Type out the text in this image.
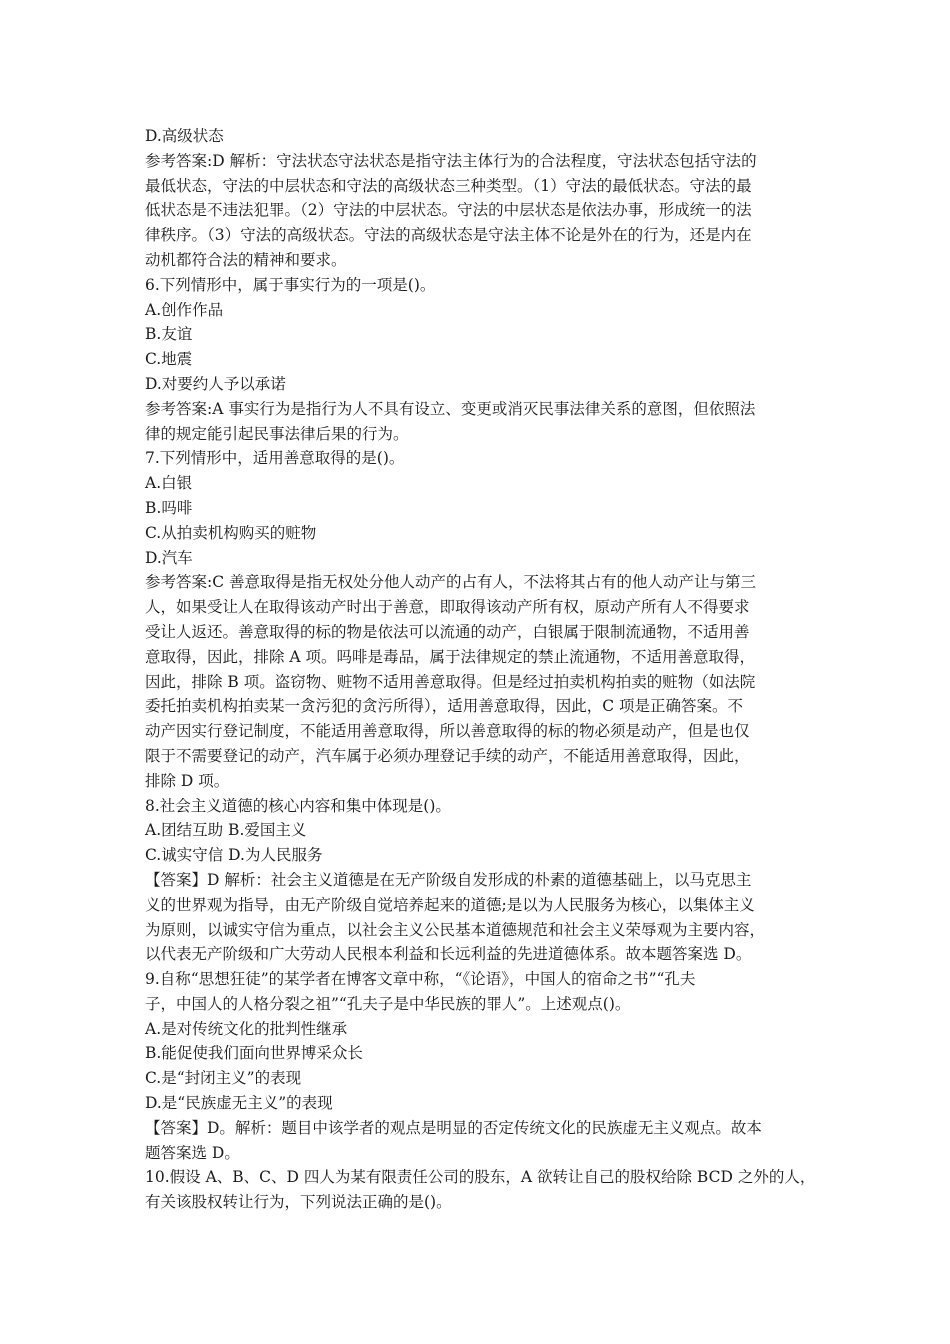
D.高级状态
参考答案:D 解析：守法状态守法状态是指守法主体行为的合法程度，守法状态包括守法的
最低状态，守法的中层状态和守法的高级状态三种类型。（1）守法的最低状态。守法的最
低状态是不违法犯罪。（2）守法的中层状态。守法的中层状态是依法办事，形成统一的法
律秩序。（3）守法的高级状态。守法的高级状态是守法主体不论是外在的行为，还是内在
动机都符合法的精神和要求。
6.下列情形中，属于事实行为的一项是()。
A.创作作品
B.友谊
C.地震
D.对要约人予以承诺
参考答案:A 事实行为是指行为人不具有设立、变更或消灭民事法律关系的意图，但依照法
律的规定能引起民事法律后果的行为。
7.下列情形中，适用善意取得的是()。
A.白银
B.吗啡
C.从拍卖机构购买的赃物
D.汽车
参考答案:C 善意取得是指无权处分他人动产的占有人，不法将其占有的他人动产让与第三
人，如果受让人在取得该动产时出于善意，即取得该动产所有权，原动产所有人不得要求
受让人返还。善意取得的标的物是依法可以流通的动产，白银属于限制流通物，不适用善
意取得，因此，排除 A 项。吗啡是毒品，属于法律规定的禁止流通物，不适用善意取得，
因此，排除 B 项。盗窃物、赃物不适用善意取得。但是经过拍卖机构拍卖的赃物（如法院
委托拍卖机构拍卖某一贪污犯的贪污所得），适用善意取得，因此，C 项是正确答案。不
动产因实行登记制度，不能适用善意取得，所以善意取得的标的物必须是动产，但是也仅
限于不需要登记的动产，汽车属于必须办理登记手续的动产，不能适用善意取得，因此，
排除 D 项。
8.社会主义道德的核心内容和集中体现是()。
A.团结互助 B.爱国主义
C.诚实守信 D.为人民服务
【答案】D 解析：社会主义道德是在无产阶级自发形成的朴素的道德基础上，以马克思主
义的世界观为指导，由无产阶级自觉培养起来的道德;是以为人民服务为核心，以集体主义
为原则，以诚实守信为重点，以社会主义公民基本道德规范和社会主义荣辱观为主要内容，
以代表无产阶级和广大劳动人民根本利益和长远利益的先进道德体系。故本题答案选 D。
9.自称“思想狂徒”的某学者在博客文章中称，“《论语》，中国人的宿命之书”“孔夫
子，中国人的人格分裂之祖”“孔夫子是中华民族的罪人”。上述观点()。
A.是对传统文化的批判性继承
B.能促使我们面向世界博采众长
C.是“封闭主义”的表现
D.是“民族虚无主义”的表现
【答案】D。解析：题目中该学者的观点是明显的否定传统文化的民族虚无主义观点。故本
题答案选 D。
10.假设 A、B、C、D 四人为某有限责任公司的股东，A 欲转让自己的股权给除 BCD 之外的人，
有关该股权转让行为，下列说法正确的是()。
